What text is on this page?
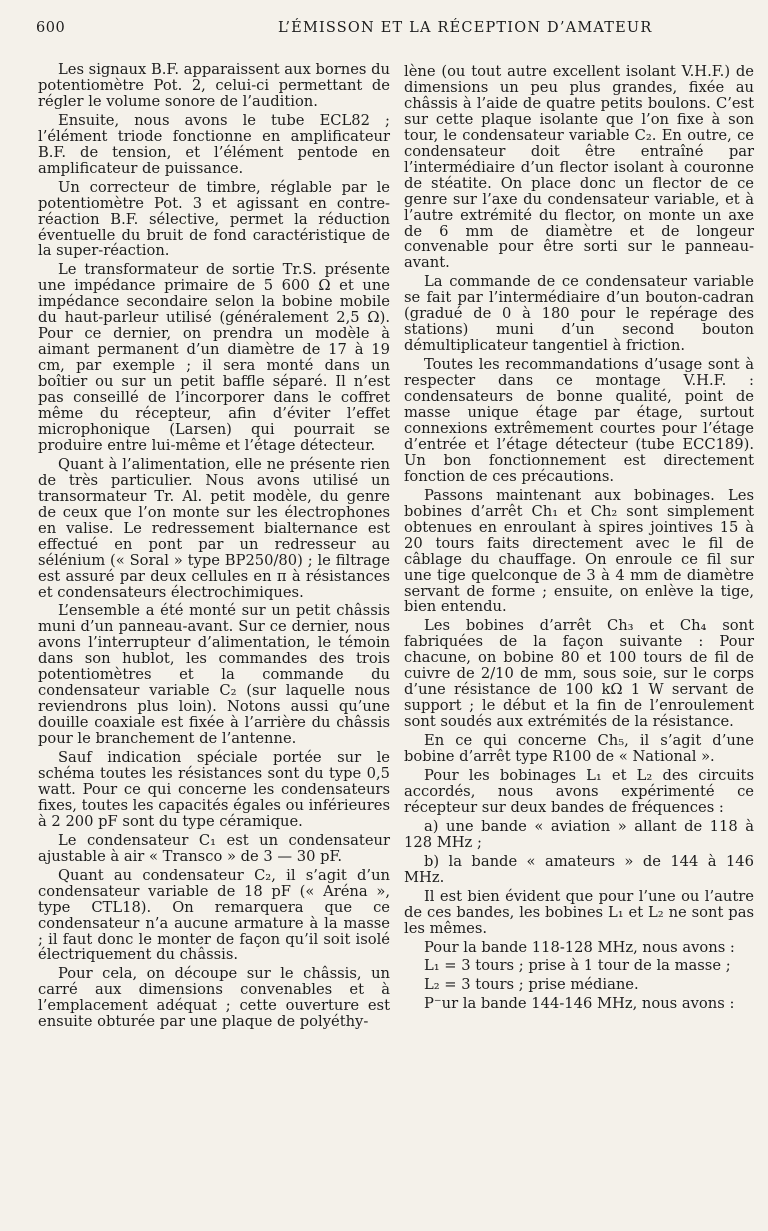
600	L’ÉMISSON ET LA RÉCEPTION D’AMATEUR

Les signaux B.F. apparaissent aux bornes du potentiomètre Pot. 2, celui-ci permettant de régler le volume sonore de l’audition.

Ensuite, nous avons le tube ECL82 ; l’élément triode fonctionne en amplificateur B.F. de tension, et l’élément pentode en amplificateur de puissance.

Un correcteur de timbre, réglable par le potentiomètre Pot. 3 et agissant en contre-réaction B.F. sélective, permet la réduction éventuelle du bruit de fond caractéristique de la super-réaction.

Le transformateur de sortie Tr.S. présente une impédance primaire de 5 600 Ω et une impédance secondaire selon la bobine mobile du haut-parleur utilisé (généralement 2,5 Ω). Pour ce dernier, on prendra un modèle à aimant permanent d’un diamètre de 17 à 19 cm, par exemple ; il sera monté dans un boîtier ou sur un petit baffle séparé. Il n’est pas conseillé de l’incorporer dans le coffret même du récepteur, afin d’éviter l’effet microphonique (Larsen) qui pourrait se produire entre lui-même et l’étage détecteur.

Quant à l’alimentation, elle ne présente rien de très particulier. Nous avons utilisé un transormateur Tr. Al. petit modèle, du genre de ceux que l’on monte sur les électrophones en valise. Le redressement bialternance est effectué en pont par un redresseur au sélénium (« Soral » type BP250/80) ; le filtrage est assuré par deux cellules en π à résistances et condensateurs électrochimiques.

L’ensemble a été monté sur un petit châssis muni d’un panneau-avant. Sur ce dernier, nous avons l’interrupteur d’alimentation, le témoin dans son hublot, les commandes des trois potentiomètres et la commande du condensateur variable C₂ (sur laquelle nous reviendrons plus loin). Notons aussi qu’une douille coaxiale est fixée à l’arrière du châssis pour le branchement de l’antenne.

Sauf indication spéciale portée sur le schéma toutes les résistances sont du type 0,5 watt. Pour ce qui concerne les condensateurs fixes, toutes les capacités égales ou inférieures à 2 200 pF sont du type céramique.

Le condensateur C₁ est un condensateur ajustable à air « Transco » de 3 — 30 pF.

Quant au condensateur C₂, il s’agit d’un condensateur variable de 18 pF (« Aréna », type CTL18). On remarquera que ce condensateur n’a aucune armature à la masse ; il faut donc le monter de façon qu’il soit isolé électriquement du châssis.

Pour cela, on découpe sur le châssis, un carré aux dimensions convenables et à l’emplacement adéquat ; cette ouverture est ensuite obturée par une plaque de polyéthy-

lène (ou tout autre excellent isolant V.H.F.) de dimensions un peu plus grandes, fixée au châssis à l’aide de quatre petits boulons. C’est sur cette plaque isolante que l’on fixe à son tour, le condensateur variable C₂. En outre, ce condensateur doit être entraîné par l’intermédiaire d’un flector isolant à couronne de stéatite. On place donc un flector de ce genre sur l’axe du condensateur variable, et à l’autre extrémité du flector, on monte un axe de 6 mm de diamètre et de longeur convenable pour être sorti sur le panneau-avant.

La commande de ce condensateur variable se fait par l’intermédiaire d’un bouton-cadran (gradué de 0 à 180 pour le repérage des stations) muni d’un second bouton démultiplicateur tangentiel à friction.

Toutes les recommandations d’usage sont à respecter dans ce montage V.H.F. : condensateurs de bonne qualité, point de masse unique étage par étage, surtout connexions extrêmement courtes pour l’étage d’entrée et l’étage détecteur (tube ECC189). Un bon fonctionnement est directement fonction de ces précautions.

Passons maintenant aux bobinages. Les bobines d’arrêt Ch₁ et Ch₂ sont simplement obtenues en enroulant à spires jointives 15 à 20 tours faits directement avec le fil de câblage du chauffage. On enroule ce fil sur une tige quelconque de 3 à 4 mm de diamètre servant de forme ; ensuite, on enlève la tige, bien entendu.

Les bobines d’arrêt Ch₃ et Ch₄ sont fabriquées de la façon suivante : Pour chacune, on bobine 80 et 100 tours de fil de cuivre de 2/10 de mm, sous soie, sur le corps d’une résistance de 100 kΩ 1 W servant de support ; le début et la fin de l’enroulement sont soudés aux extrémités de la résistance.

En ce qui concerne Ch₅, il s’agit d’une bobine d’arrêt type R100 de « National ».

Pour les bobinages L₁ et L₂ des circuits accordés, nous avons expérimenté ce récepteur sur deux bandes de fréquences :

a) une bande « aviation » allant de 118 à 128 MHz ;

b) la bande « amateurs » de 144 à 146 MHz.

Il est bien évident que pour l’une ou l’autre de ces bandes, les bobines L₁ et L₂ ne sont pas les mêmes.

Pour la bande 118-128 MHz, nous avons :

L₁ = 3 tours ; prise à 1 tour de la masse ;

L₂ = 3 tours ; prise médiane.

P⁻ur la bande 144-146 MHz, nous avons :
